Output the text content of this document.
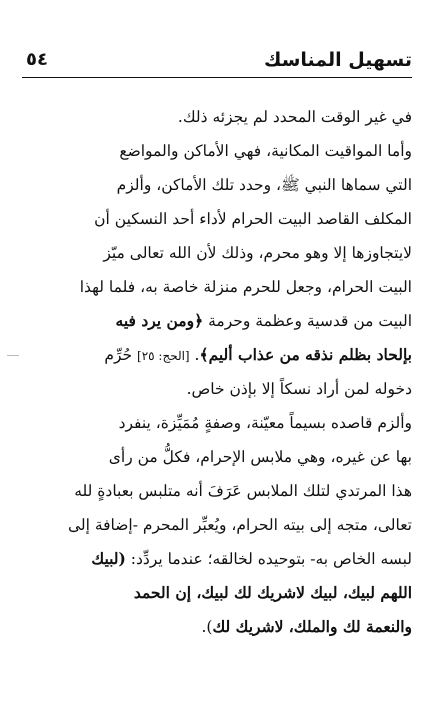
تسهيل المناسك
٥٤
في غير الوقت المحدد لم يجزئه ذلك.
وأما المواقيت المكانية، فهي الأماكن والمواضع
التي سماها النبي ﷺ، وحدد تلك الأماكن، وألزم
المكلف القاصد البيت الحرام لأداء أحد النسكين أن
لايتجاوزها إلا وهو محرم، وذلك لأن الله تعالى ميّز
البيت الحرام، وجعل للحرم منزلة خاصة به، فلما لهذا
البيت من قدسية وعظمة وحرمة ﴿ومن يرد فيه
بإلحاد بظلم نذقه من عذاب أليم﴾. [الحج: ٢٥] حُرِّم
دخوله لمن أراد نسكاً إلا بإذن خاص.
وألزم قاصده بسيماً معيّنة، وصفةٍ مُمَيِّزة، ينفرد
بها عن غيره، وهي ملابس الإحرام، فكلُّ من رأى
هذا المرتدي لتلك الملابس عَرَفَ أنه متلبس بعبادةٍ لله
تعالى، متجه إلى بيته الحرام، ويُعبِّر المحرم -إضافة إلى
لبسه الخاص به- بتوحيده لخالقه؛ عندما يردِّد: (لبيك
اللهم لبيك، لبيك لاشريك لك لبيك، إن الحمد
والنعمة لك والملك، لاشريك لك).
